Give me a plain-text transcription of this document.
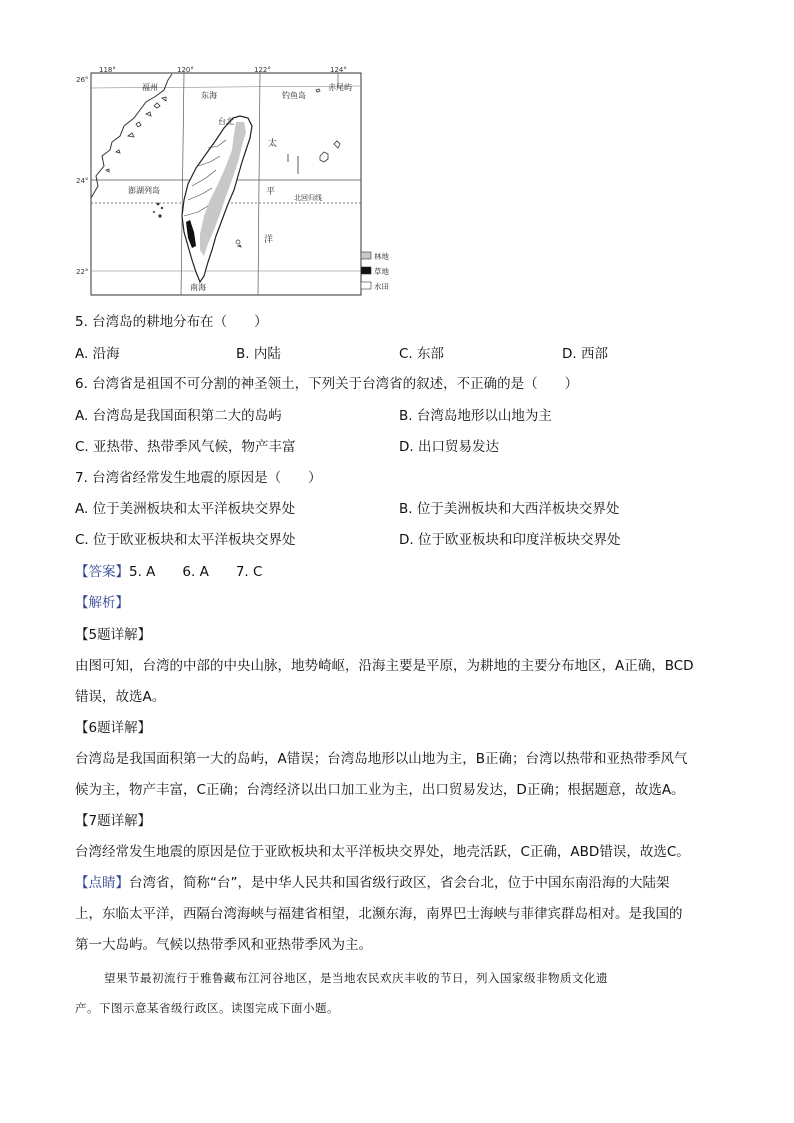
118°	120°	122°	124°
26°
24°
22°
福州
东海	钓鱼岛
赤尾屿
台北
太
平
洋
澎湖列岛
北回归线
南海
林地
草地
水田
5. 台湾岛的耕地分布在（　　）
A. 沿海	B. 内陆	C. 东部	D. 西部
6. 台湾省是祖国不可分割的神圣领土，下列关于台湾省的叙述，不正确的是（　　）
A. 台湾岛是我国面积第二大的岛屿	B. 台湾岛地形以山地为主
C. 亚热带、热带季风气候，物产丰富	D. 出口贸易发达
7. 台湾省经常发生地震的原因是（　　）
A. 位于美洲板块和太平洋板块交界处	B. 位于美洲板块和大西洋板块交界处
C. 位于欧亚板块和太平洋板块交界处	D. 位于欧亚板块和印度洋板块交界处
【答案】5. A　　6. A　　7. C
【解析】
【5题详解】
由图可知，台湾的中部的中央山脉，地势崎岖，沿海主要是平原，为耕地的主要分布地区，A正确，BCD
错误，故选A。
【6题详解】
台湾岛是我国面积第一大的岛屿，A错误；台湾岛地形以山地为主，B正确；台湾以热带和亚热带季风气
候为主，物产丰富，C正确；台湾经济以出口加工业为主，出口贸易发达，D正确；根据题意，故选A。
【7题详解】
台湾经常发生地震的原因是位于亚欧板块和太平洋板块交界处，地壳活跃，C正确，ABD错误，故选C。
【点睛】台湾省，简称“台”，是中华人民共和国省级行政区，省会台北，位于中国东南沿海的大陆架
上，东临太平洋，西隔台湾海峡与福建省相望，北濒东海，南界巴士海峡与菲律宾群岛相对。是我国的
第一大岛屿。气候以热带季风和亚热带季风为主。
望果节最初流行于雅鲁藏布江河谷地区，是当地农民欢庆丰收的节日，列入国家级非物质文化遗
产。下图示意某省级行政区。读图完成下面小题。
